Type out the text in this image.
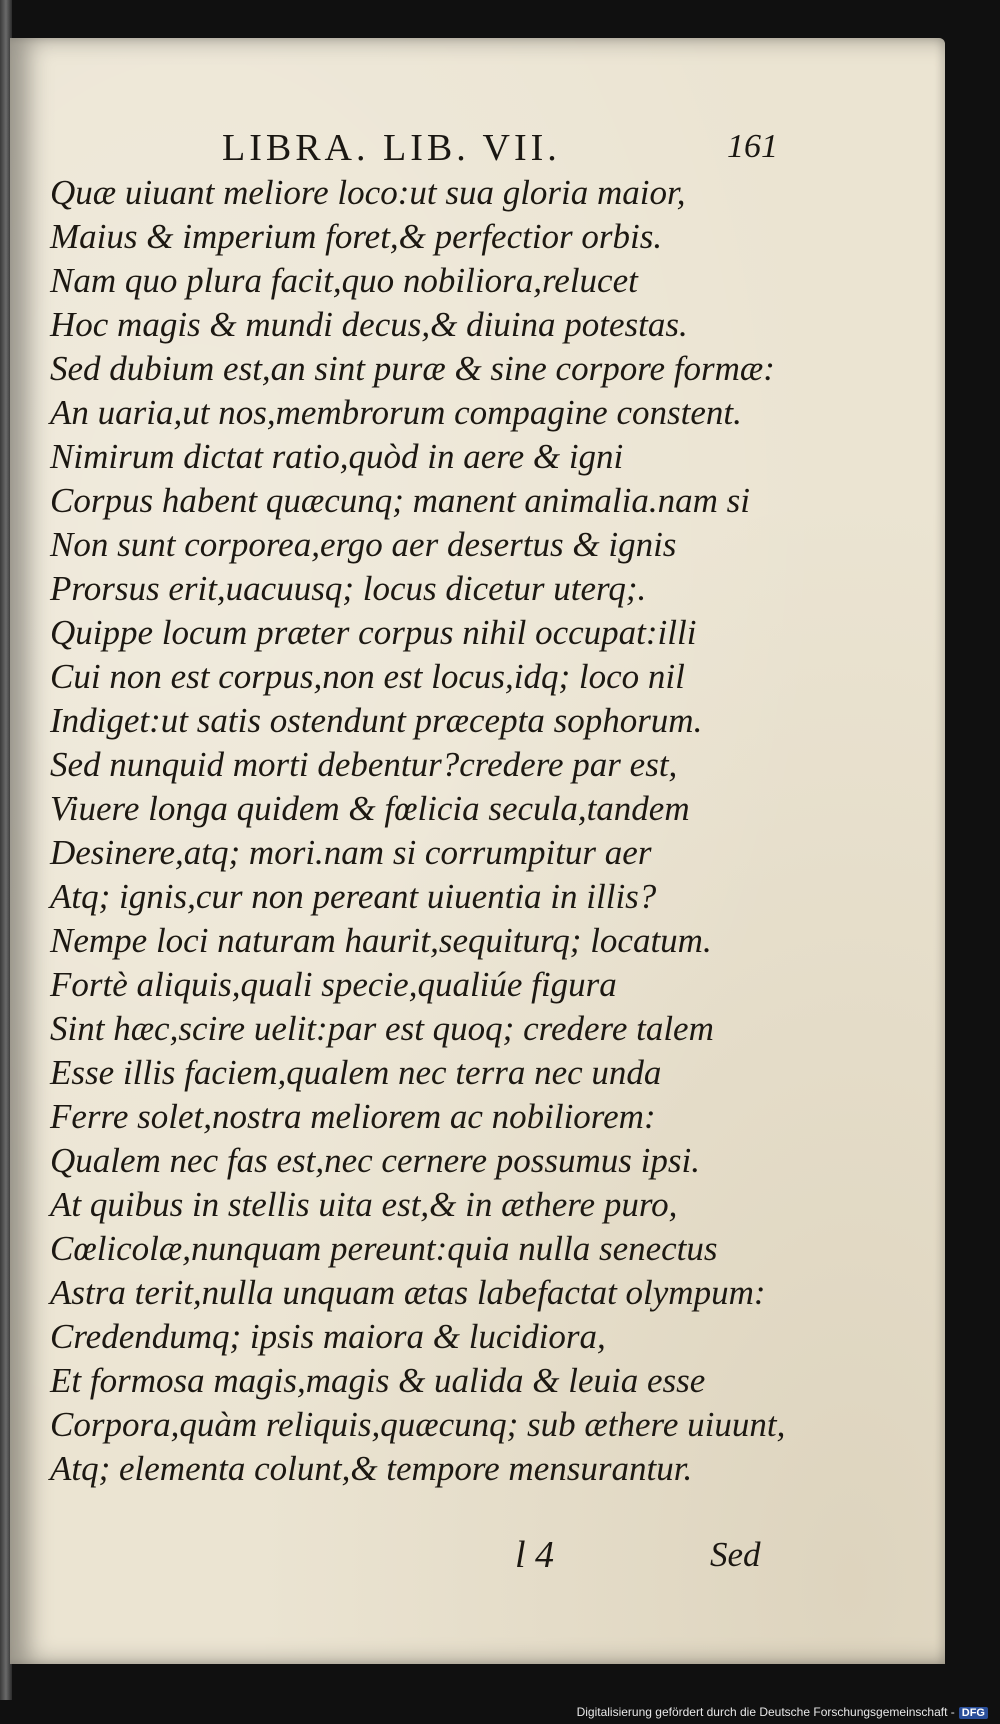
LIBRA. LIB. VII.	161
Quæ uiuant meliore loco:ut sua gloria maior,
Maius & imperium foret,& perfectior orbis.
Nam quo plura facit,quo nobiliora,relucet
Hoc magis & mundi decus,& diuina potestas.
Sed dubium est,an sint puræ & sine corpore formæ:
An uaria,ut nos,membrorum compagine constent.
Nimirum dictat ratio,quòd in aere & igni
Corpus habent quæcunq; manent animalia.nam si
Non sunt corporea,ergo aer desertus & ignis
Prorsus erit,uacuusq; locus dicetur uterq;.
Quippe locum præter corpus nihil occupat:illi
Cui non est corpus,non est locus,idq; loco nil
Indiget:ut satis ostendunt præcepta sophorum.
Sed nunquid morti debentur?credere par est,
Viuere longa quidem & fœlicia secula,tandem
Desinere,atq; mori.nam si corrumpitur aer
Atq; ignis,cur non pereant uiuentia in illis?
Nempe loci naturam haurit,sequiturq; locatum.
Fortè aliquis,quali specie,qualiúe figura
Sint hæc,scire uelit:par est quoq; credere talem
Esse illis faciem,qualem nec terra nec unda
Ferre solet,nostra meliorem ac nobiliorem:
Qualem nec fas est,nec cernere possumus ipsi.
At quibus in stellis uita est,& in æthere puro,
Cœlicolæ,nunquam pereunt:quia nulla senectus
Astra terit,nulla unquam ætas labefactat olympum:
Credendumq; ipsis maiora & lucidiora,
Et formosa magis,magis & ualida & leuia esse
Corpora,quàm reliquis,quæcunq; sub æthere uiuunt,
Atq; elementa colunt,& tempore mensurantur.
l 4	Sed
Digitalisierung gefördert durch die Deutsche Forschungsgemeinschaft - DFG
